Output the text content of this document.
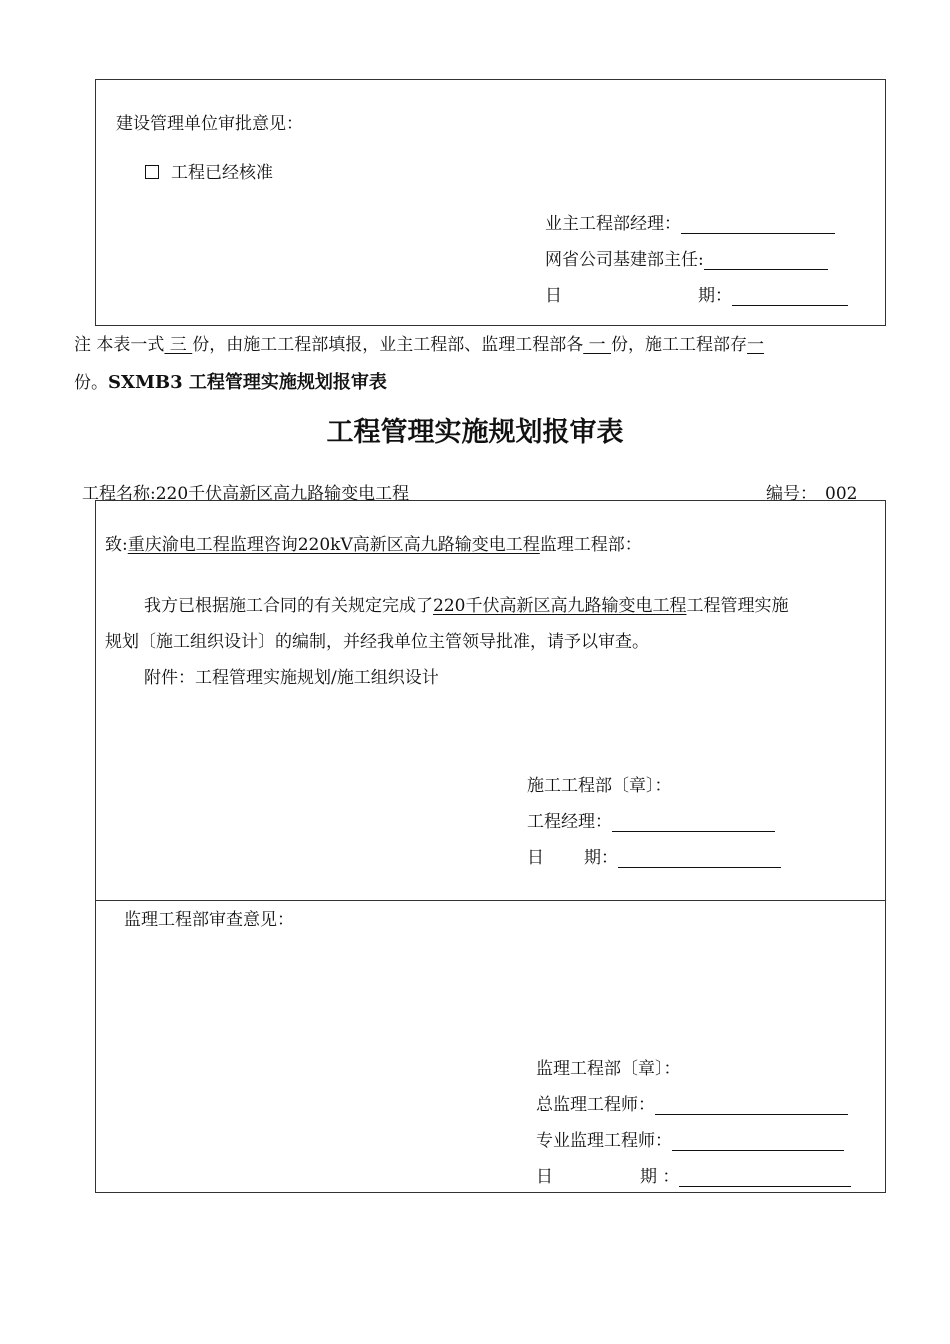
建设管理单位审批意见：
工程已经核准
业主工程部经理：
网省公司基建部主任:
日	期：
注 本表一式 三 份，由施工工程部填报，业主工程部、监理工程部各 一 份，施工工程部存一
份。SXMB3 工程管理实施规划报审表
工程管理实施规划报审表
工程名称:220千伏高新区高九路输变电工程	编号： 002
致:重庆渝电工程监理咨询220kV高新区高九路输变电工程监理工程部：
我方已根据施工合同的有关规定完成了220千伏高新区高九路输变电工程工程管理实施
规划〔施工组织设计〕的编制，并经我单位主管领导批准，请予以审查。
附件：工程管理实施规划/施工组织设计
施工工程部〔章〕：
工程经理：
日 期：
监理工程部审查意见：
监理工程部〔章〕：
总监理工程师：
专业监理工程师：
日	期 ：
